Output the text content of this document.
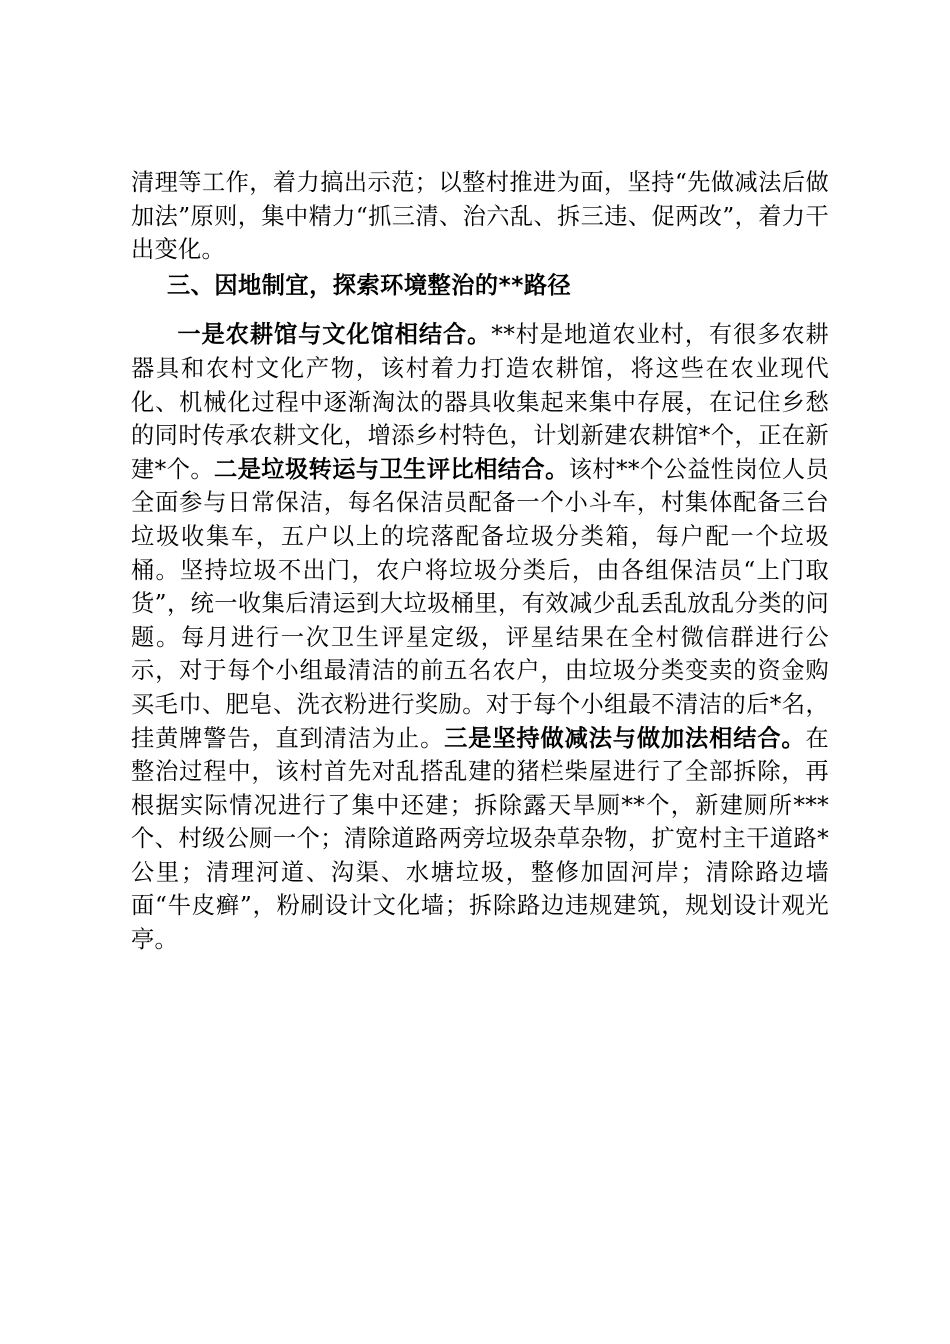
清理等工作，着力搞出示范；以整村推进为面，坚持“先做减法后做加法”原则，集中精力“抓三清、治六乱、拆三违、促两改”，着力干出变化。

三、因地制宜，探索环境整治的**路径

一是农耕馆与文化馆相结合。**村是地道农业村，有很多农耕器具和农村文化产物，该村着力打造农耕馆，将这些在农业现代化、机械化过程中逐渐淘汰的器具收集起来集中存展，在记住乡愁的同时传承农耕文化，增添乡村特色，计划新建农耕馆*个，正在新建*个。二是垃圾转运与卫生评比相结合。该村**个公益性岗位人员全面参与日常保洁，每名保洁员配备一个小斗车，村集体配备三台垃圾收集车，五户以上的垸落配备垃圾分类箱，每户配一个垃圾桶。坚持垃圾不出门，农户将垃圾分类后，由各组保洁员“上门取货”，统一收集后清运到大垃圾桶里，有效减少乱丢乱放乱分类的问题。每月进行一次卫生评星定级，评星结果在全村微信群进行公示，对于每个小组最清洁的前五名农户，由垃圾分类变卖的资金购买毛巾、肥皂、洗衣粉进行奖励。对于每个小组最不清洁的后*名，挂黄牌警告，直到清洁为止。三是坚持做减法与做加法相结合。在整治过程中，该村首先对乱搭乱建的猪栏柴屋进行了全部拆除，再根据实际情况进行了集中还建；拆除露天旱厕**个，新建厕所***个、村级公厕一个；清除道路两旁垃圾杂草杂物，扩宽村主干道路*公里；清理河道、沟渠、水塘垃圾，整修加固河岸；清除路边墙面“牛皮癣”，粉刷设计文化墙；拆除路边违规建筑，规划设计观光亭。
